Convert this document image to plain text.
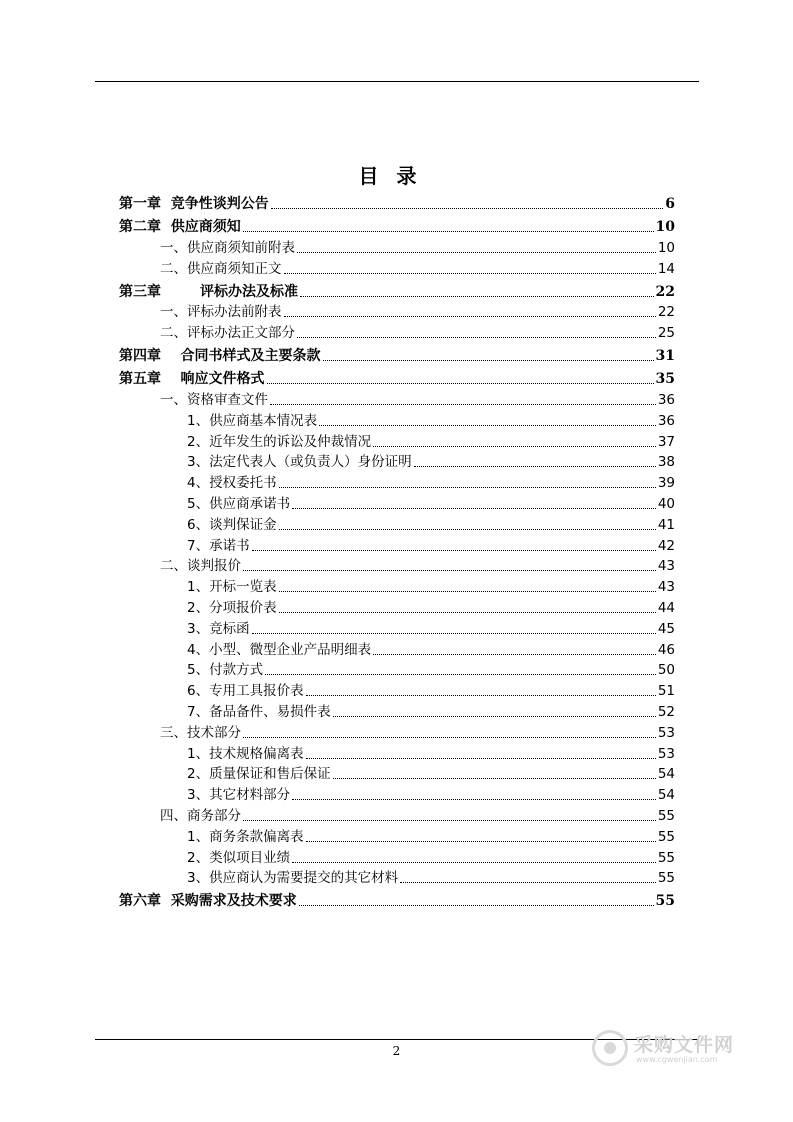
目录
第一章  竞争性谈判公告	6
第二章  供应商须知	10
一、供应商须知前附表	10
二、供应商须知正文	14
第三章        评标办法及标准	22
一、评标办法前附表	22
二、评标办法正文部分	25
第四章    合同书样式及主要条款	31
第五章    响应文件格式	35
一、资格审查文件	36
1、供应商基本情况表	36
2、近年发生的诉讼及仲裁情况	37
3、法定代表人（或负责人）身份证明	38
4、授权委托书	39
5、供应商承诺书	40
6、谈判保证金	41
7、承诺书	42
二、谈判报价	43
1、开标一览表	43
2、分项报价表	44
3、竞标函	45
4、小型、微型企业产品明细表	46
5、付款方式	50
6、专用工具报价表	51
7、备品备件、易损件表	52
三、技术部分	53
1、技术规格偏离表	53
2、质量保证和售后保证	54
3、其它材料部分	54
四、商务部分	55
1、商务条款偏离表	55
2、类似项目业绩	55
3、供应商认为需要提交的其它材料	55
第六章  采购需求及技术要求	55
2	采购文件网
www.cgwenjian.com
